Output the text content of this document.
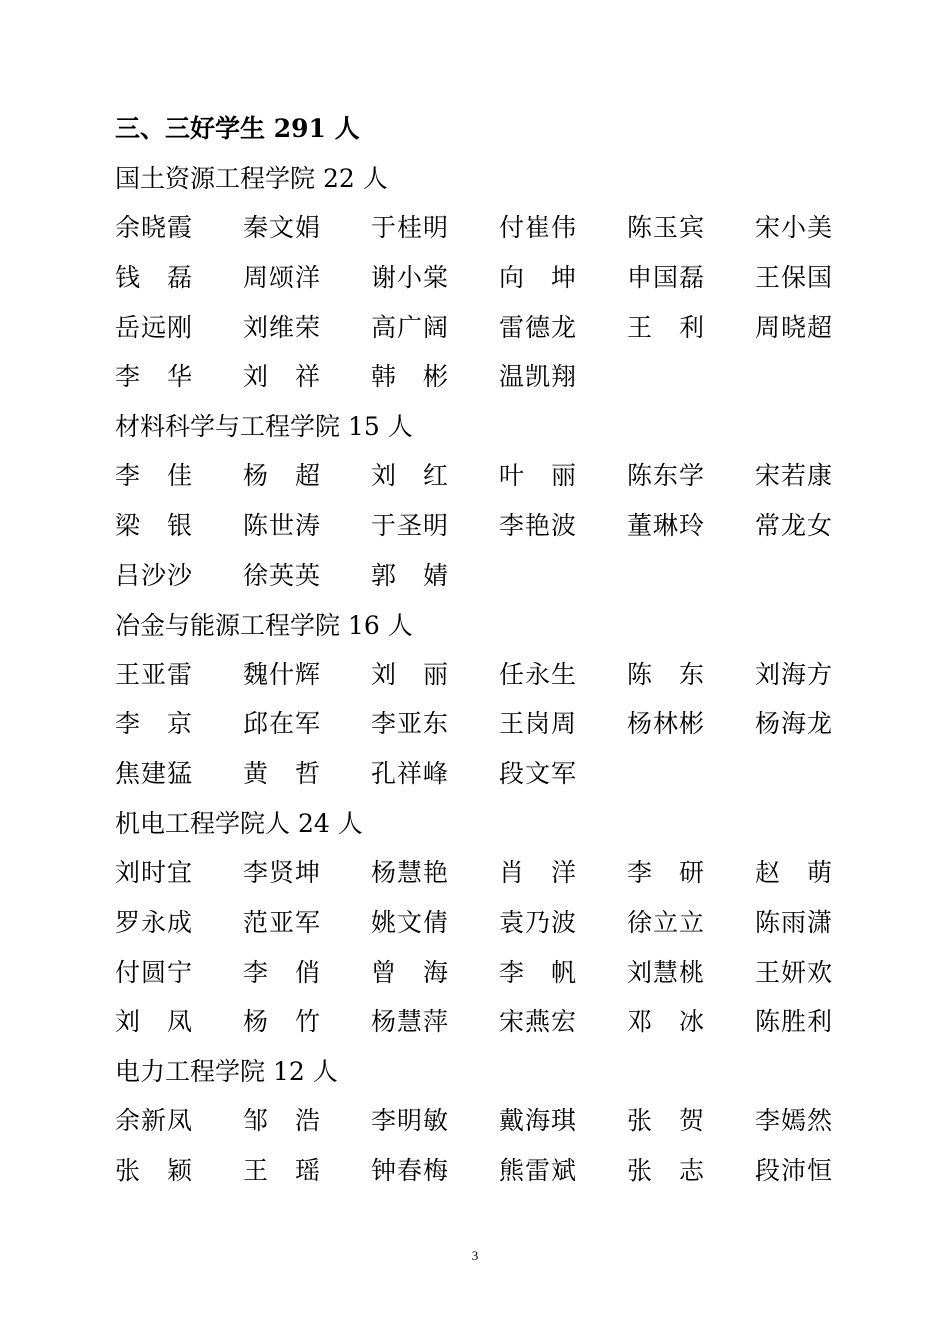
三、三好学生 291 人
国土资源工程学院 22 人
余晓霞	秦文娟	于桂明	付崔伟	陈玉宾	宋小美
钱　磊	周颂洋	谢小棠	向　坤	申国磊	王保国
岳远刚	刘维荣	高广阔	雷德龙	王　利	周晓超
李　华	刘　祥	韩　彬	温凯翔
材料科学与工程学院 15 人
李　佳	杨　超	刘　红	叶　丽	陈东学	宋若康
梁　银	陈世涛	于圣明	李艳波	董琳玲	常龙女
吕沙沙	徐英英	郭　婧
冶金与能源工程学院 16 人
王亚雷	魏什辉	刘　丽	任永生	陈　东	刘海方
李　京	邱在军	李亚东	王岗周	杨林彬	杨海龙
焦建猛	黄　哲	孔祥峰	段文军
机电工程学院人 24 人
刘时宜	李贤坤	杨慧艳	肖　洋	李　研	赵　萌
罗永成	范亚军	姚文倩	袁乃波	徐立立	陈雨潇
付圆宁	李　俏	曾　海	李　帆	刘慧桃	王妍欢
刘　凤	杨　竹	杨慧萍	宋燕宏	邓　冰	陈胜利
电力工程学院 12 人
余新凤	邹　浩	李明敏	戴海琪	张　贺	李嫣然
张　颖	王　瑶	钟春梅	熊雷斌	张　志	段沛恒
3
